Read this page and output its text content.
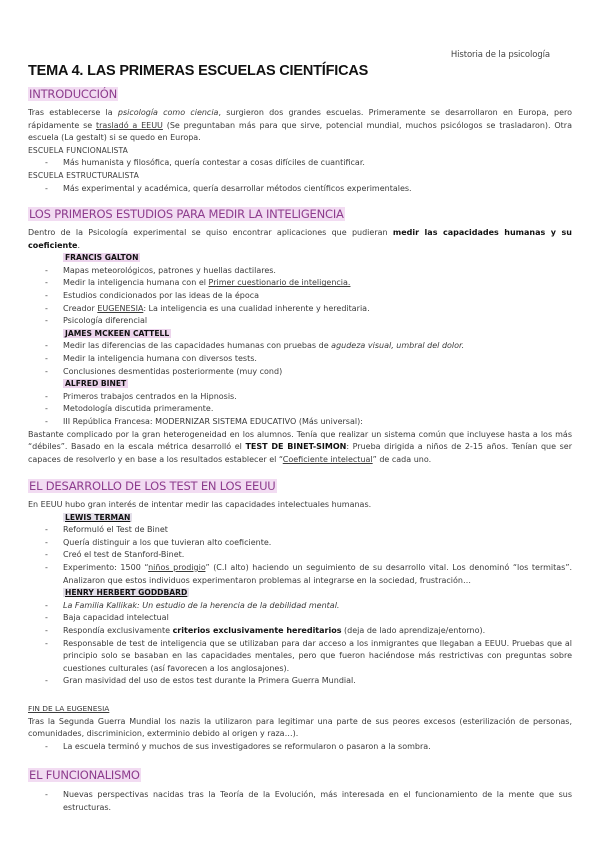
Historia de la psicología
TEMA 4. LAS PRIMERAS ESCUELAS CIENTÍFICAS
INTRODUCCIÓN

Tras establecerse la psicología como ciencia, surgieron dos grandes escuelas. Primeramente se desarrollaron en Europa, pero rápidamente se trasladó a EEUU (Se preguntaban más para que sirve, potencial mundial, muchos psicólogos se trasladaron). Otra escuela (La gestalt) si se quedo en Europa.

ESCUELA FUNCIONALISTA
- Más humanista y filosófica, quería contestar a cosas difíciles de cuantificar.
ESCUELA ESTRUCTURALISTA
- Más experimental y académica, quería desarrollar métodos científicos experimentales.
LOS PRIMEROS ESTUDIOS PARA MEDIR LA INTELIGENCIA

Dentro de la Psicología experimental se quiso encontrar aplicaciones que pudieran medir las capacidades humanas y su coeficiente.

FRANCIS GALTON
- Mapas meteorológicos, patrones y huellas dactilares.
- Medir la inteligencia humana con el Primer cuestionario de inteligencia.
- Estudios condicionados por las ideas de la época
- Creador EUGENESIA: La inteligencia es una cualidad inherente y hereditaria.
- Psicología diferencial
JAMES MCKEEN CATTELL
- Medir las diferencias de las capacidades humanas con pruebas de agudeza visual, umbral del dolor.
- Medir la inteligencia humana con diversos tests.
- Conclusiones desmentidas posteriormente (muy cond)
ALFRED BINET
- Primeros trabajos centrados en la Hipnosis.
- Metodología discutida primeramente.
- III República Francesa: MODERNIZAR SISTEMA EDUCATIVO (Más universal):

Bastante complicado por la gran heterogeneidad en los alumnos. Tenía que realizar un sistema común que incluyese hasta a los más “débiles”. Basado en la escala métrica desarrolló el TEST DE BINET-SIMON: Prueba dirigida a niños de 2-15 años. Tenían que ser capaces de resolverlo y en base a los resultados establecer el “Coeficiente intelectual” de cada uno.

EL DESARROLLO DE LOS TEST EN LOS EEUU

En EEUU hubo gran interés de intentar medir las capacidades intelectuales humanas.

LEWIS TERMAN
- Reformuló el Test de Binet
- Quería distinguir a los que tuvieran alto coeficiente.
- Creó el test de Stanford-Binet.
- Experimento: 1500 “niños prodigio” (C.I alto) haciendo un seguimiento de su desarrollo vital. Los denominó “los termitas”. Analizaron que estos individuos experimentaron problemas al integrarse en la sociedad, frustración…
HENRY HERBERT GODDBARD
- La Familia Kallikak: Un estudio de la herencia de la debilidad mental.
- Baja capacidad intelectual
- Respondía exclusivamente criterios exclusivamente hereditarios (deja de lado aprendizaje/entorno).
- Responsable de test de inteligencia que se utilizaban para dar acceso a los inmigrantes que llegaban a EEUU. Pruebas que al principio solo se basaban en las capacidades mentales, pero que fueron haciéndose más restrictivas con preguntas sobre cuestiones culturales (así favorecen a los anglosajones).
- Gran masividad del uso de estos test durante la Primera Guerra Mundial.
FIN DE LA EUGENESIA

Tras la Segunda Guerra Mundial los nazis la utilizaron para legitimar una parte de sus peores excesos (esterilización de personas, comunidades, discriminicion, exterminio debido al origen y raza…).

- La escuela terminó y muchos de sus investigadores se reformularon o pasaron a la sombra.
EL FUNCIONALISMO
- Nuevas perspectivas nacidas tras la Teoría de la Evolución, más interesada en el funcionamiento de la mente que sus estructuras.
